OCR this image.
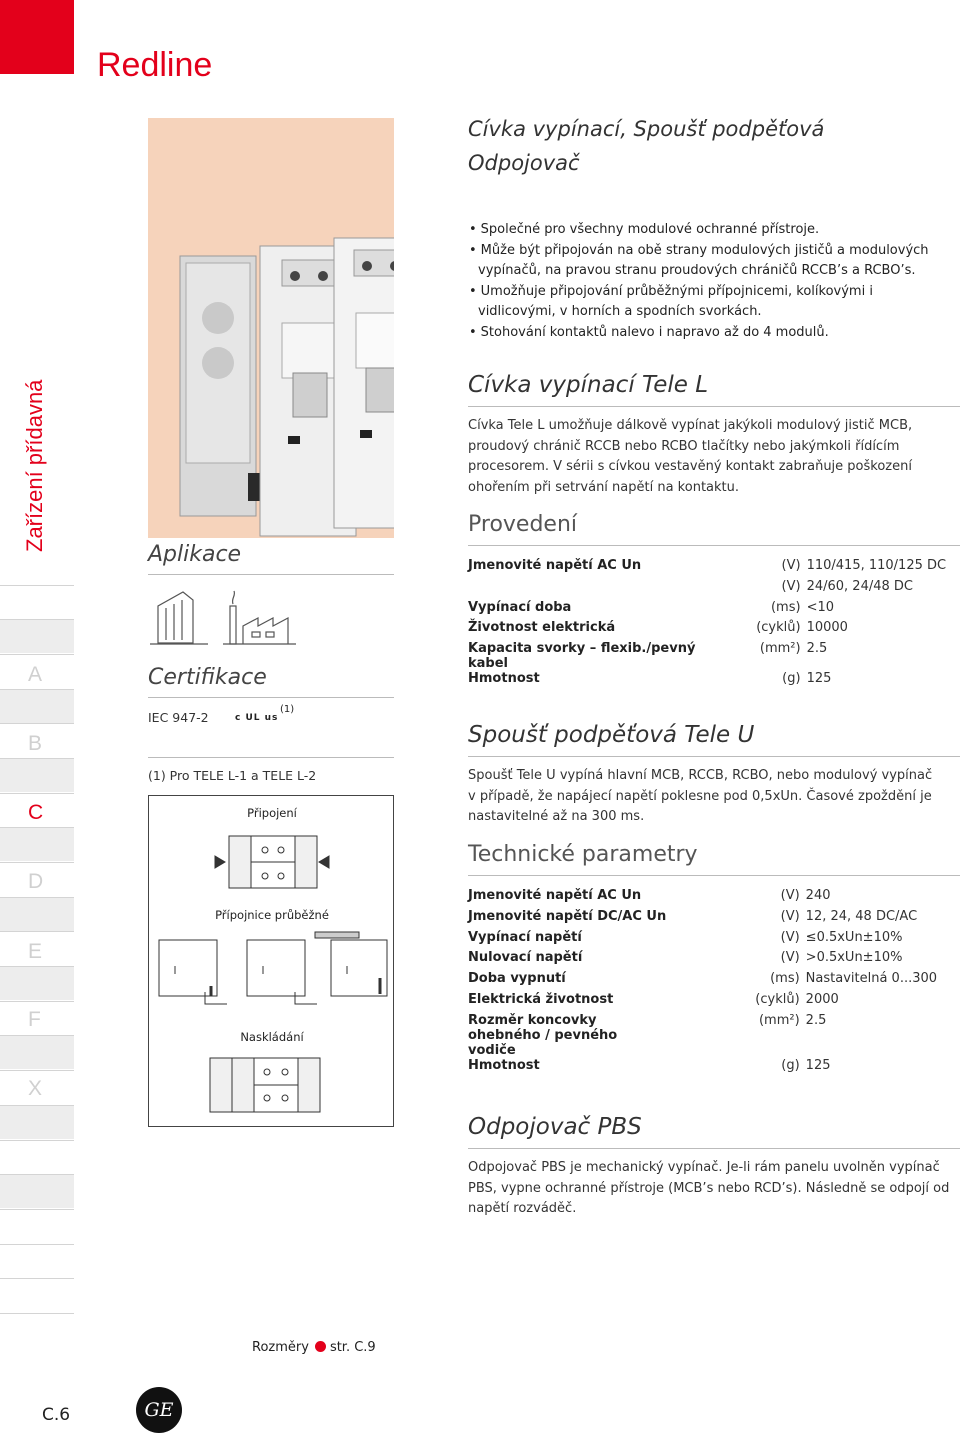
Redline
Zařízení přídavná
A
B
C
D
E
F
X
Aplikace
Certifikace
IEC 947-2	c UL us
(1)
(1) Pro TELE L-1 a TELE L-2
Připojení
Přípojnice průběžné
Naskládání
Cívka vypínací, Spoušť podpěťová
Odpojovač
• Společné pro všechny modulové ochranné přístroje.
• Může být připojován na obě strany modulových jističů a modulových vypínačů, na pravou stranu proudových chráničů RCCB’s a RCBO’s.
• Umožňuje připojování průběžnými přípojnicemi, kolíkovými i vidlicovými, v horních a spodních svorkách.
• Stohování kontaktů nalevo i napravo až do 4 modulů.
Cívka vypínací Tele L
Cívka Tele L umožňuje dálkově vypínat jakýkoli modulový jistič MCB, proudový chránič RCCB nebo RCBO tlačítky nebo jakýmkoli řídícím procesorem. V sérii s cívkou vestavěný kontakt zabraňuje poškození ohořením při setrvání napětí na kontaktu.
Provedení
Jmenovité napětí AC Un	(V)	110/415, 110/125 DC
	(V)	24/60, 24/48 DC
Vypínací doba	(ms)	<10
Životnost elektrická	(cyklů)	10000
Kapacita svorky – flexib./pevný kabel	(mm²)	2.5
Hmotnost	(g)	125
Spoušť podpěťová Tele U
Spoušť Tele U vypíná hlavní MCB, RCCB, RCBO, nebo modulový vypínač v případě, že napájecí napětí poklesne pod 0,5xUn. Časové zpoždění je nastavitelné až na 300 ms.
Technické parametry
Jmenovité napětí AC Un	(V)	240
Jmenovité napětí DC/AC Un	(V)	12, 24, 48 DC/AC
Vypínací napětí	(V)	≤0.5xUn±10%
Nulovací napětí	(V)	>0.5xUn±10%
Doba vypnutí	(ms)	Nastavitelná 0...300
Elektrická životnost	(cyklů)	2000
Rozměr koncovky ohebného / pevného vodiče	(mm²)	2.5
Hmotnost	(g)	125
Odpojovač PBS
Odpojovač PBS je mechanický vypínač. Je-li rám panelu uvolněn vypínač PBS, vypne ochranné přístroje (MCB’s nebo RCD’s). Následně se odpojí od napětí rozváděč.
Rozměry str. C.9
C.6	GE
